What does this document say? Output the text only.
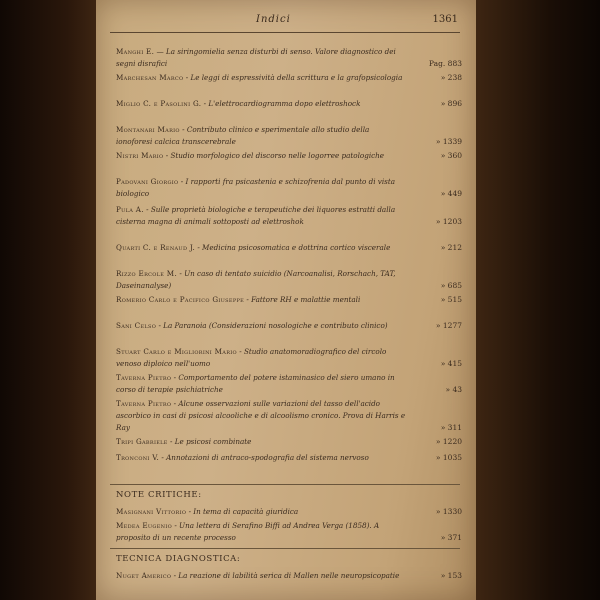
Indici	1361
Manghi E. — La siringomielia senza disturbi di senso. Valore diagnostico dei segni disrafici	Pag. 883
Marchesan Marco - Le leggi di espressività della scrittura e la grafopsicologia	» 238
Miglio C. e Pasolini G. - L'elettrocardiogramma dopo elettroshock	» 896
Montanari Mario - Contributo clinico e sperimentale allo studio della ionoforesi calcica transcerebrale	» 1339
Nistri Mario - Studio morfologico del discorso nelle logorree patologiche	» 360
Padovani Giorgio - I rapporti fra psicastenia e schizofrenia dal punto di vista biologico	» 449
Pula A. - Sulle proprietà biologiche e terapeutiche dei liquores estratti dalla cisterna magna di animali sottoposti ad elettroshok	» 1203
Quarti C. e Renaud J. - Medicina psicosomatica e dottrina cortico viscerale	» 212
Rizzo Ercole M. - Un caso di tentato suicidio (Narcoanalisi, Rorschach, TAT, Daseinanalyse)	» 685
Romerio Carlo e Pacifico Giuseppe - Fattore RH e malattie mentali	» 515
Sani Celso - La Paranoia (Considerazioni nosologiche e contributo clinico)	» 1277
Stuart Carlo e Migliorini Mario - Studio anatomoradiografico del circolo venoso diploico nell'uomo	» 415
Taverna Pietro - Comportamento del potere istaminasico del siero umano in corso di terapie psichiatriche	» 43
Taverna Pietro - Alcune osservazioni sulle variazioni del tasso dell'acido ascorbico in casi di psicosi alcooliche e di alcoolismo cronico. Prova di Harris e Ray	» 311
Tripi Gabriele - Le psicosi combinate	» 1220
Tronconi V. - Annotazioni di antraco-spodografia del sistema nervoso	» 1035
NOTE CRITICHE:
Masignani Vittorio - In tema di capacità giuridica	» 1330
Medea Eugenio - Una lettera di Serafino Biffi ad Andrea Verga (1858). A proposito di un recente processo	» 371
TECNICA DIAGNOSTICA:
Nuget Americo - La reazione di labilità serica di Mallen nelle neuropsicopatie	» 153
